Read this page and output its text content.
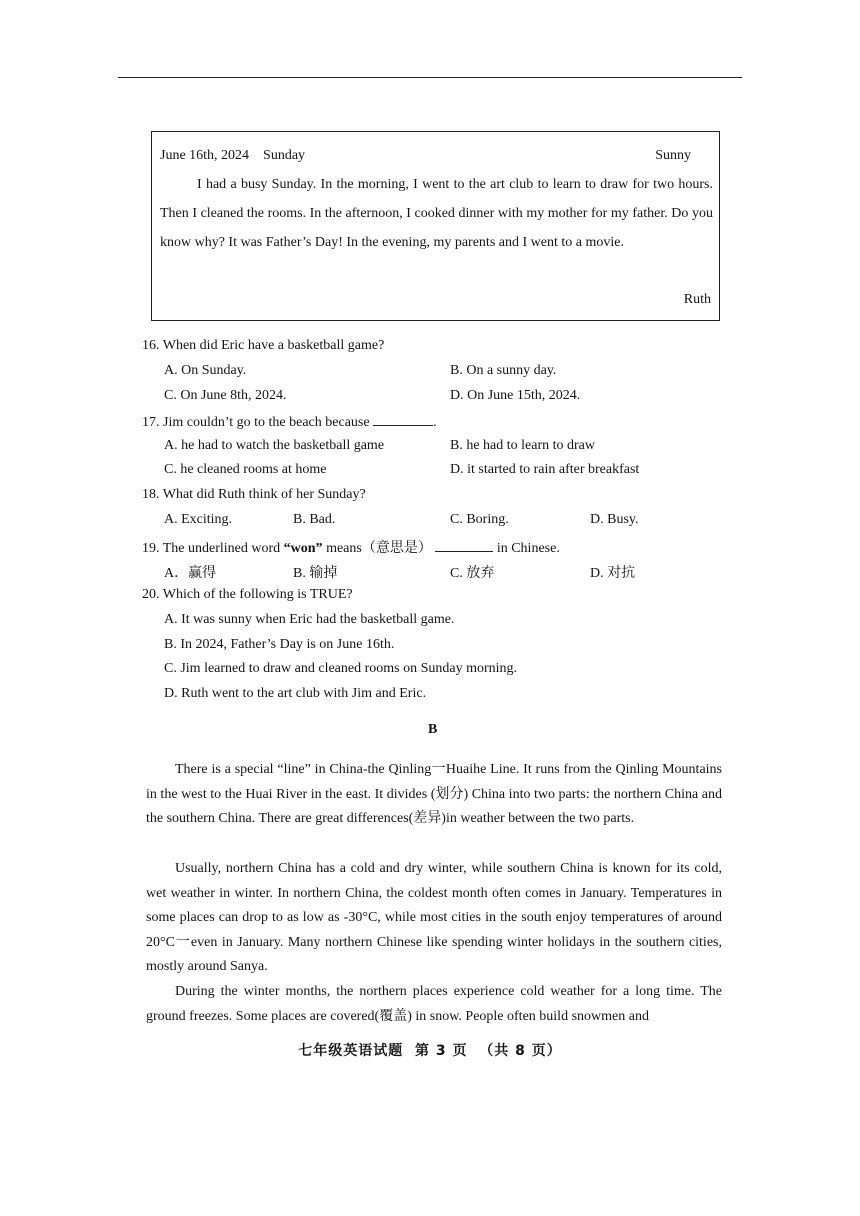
June 16th, 2024    Sunday	Sunny

I had a busy Sunday. In the morning, I went to the art club to learn to draw for two hours. Then I cleaned the rooms. In the afternoon, I cooked dinner with my mother for my father. Do you know why? It was Father’s Day! In the evening, my parents and I went to a movie.

Ruth
16. When did Eric have a basketball game?
A. On Sunday.	B. On a sunny day.
C. On June 8th, 2024.	D. On June 15th, 2024.
17. Jim couldn’t go to the beach because	.
A. he had to watch the basketball game	B. he had to learn to draw
C. he cleaned rooms at home	D. it started to rain after breakfast
18. What did Ruth think of her Sunday?
A. Exciting.	B. Bad.	C. Boring.	D. Busy.
19. The underlined word “won” means（意思是）	in Chinese.
A．赢得	B. 输掉	C. 放弃	D. 对抗
20. Which of the following is TRUE?
A. It was sunny when Eric had the basketball game.
B. In 2024, Father’s Day is on June 16th.
C. Jim learned to draw and cleaned rooms on Sunday morning.
D. Ruth went to the art club with Jim and Eric.
B

There is a special “line” in China-the Qinling一Huaihe Line. It runs from the Qinling Mountains in the west to the Huai River in the east. It divides (划分) China into two parts: the northern China and the southern China. There are great differences(差异)in weather between the two parts.

Usually, northern China has a cold and dry winter, while southern China is known for its cold, wet weather in winter. In northern China, the coldest month often comes in January. Temperatures in some places can drop to as low as -30°C, while most cities in the south enjoy temperatures of around 20°C一even in January. Many northern Chinese like spending winter holidays in the southern cities, mostly around Sanya.

During the winter months, the northern places experience cold weather for a long time. The ground freezes. Some places are covered(覆盖) in snow. People often build snowmen and

七年级英语试题  第 3 页  （共 8 页）
